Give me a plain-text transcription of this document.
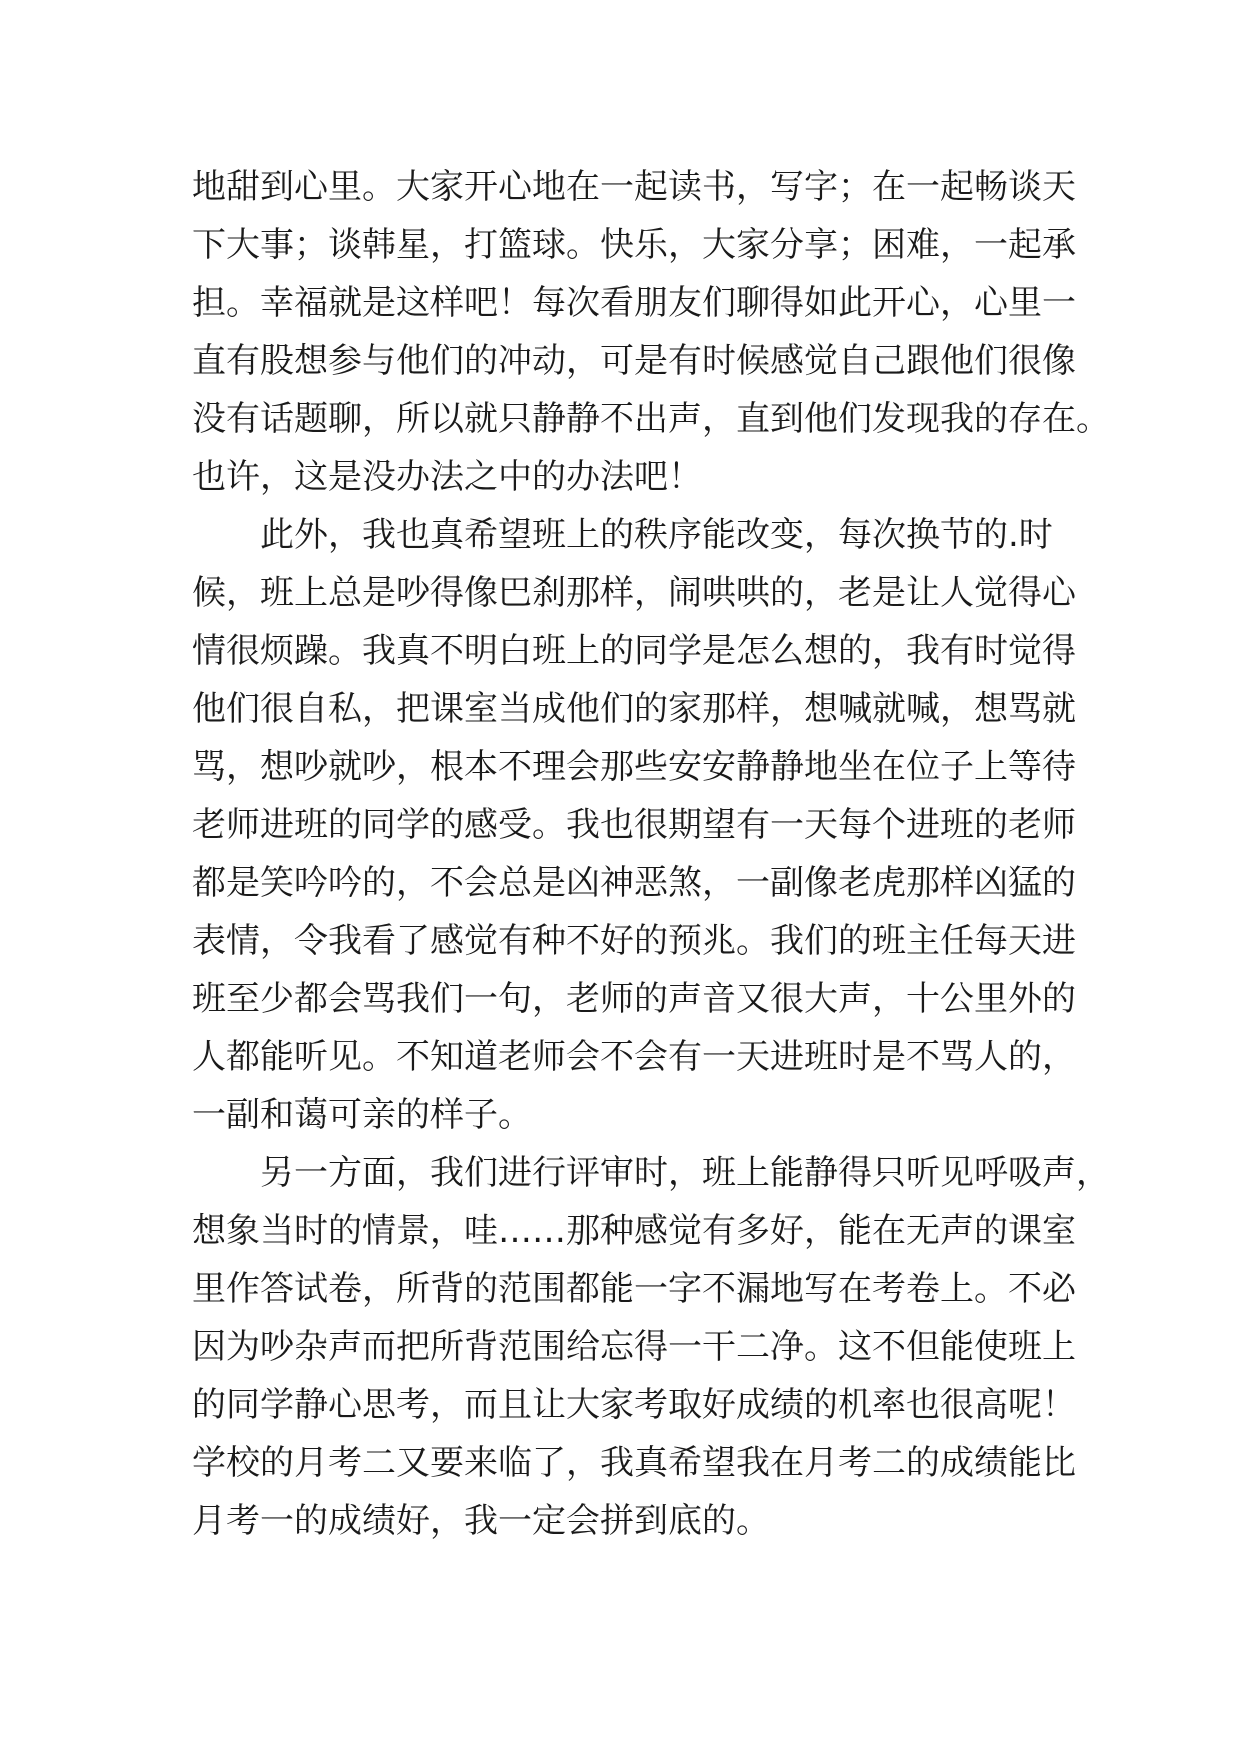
地甜到心里。大家开心地在一起读书，写字；在一起畅谈天
下大事；谈韩星，打篮球。快乐，大家分享；困难，一起承
担。幸福就是这样吧！每次看朋友们聊得如此开心，心里一
直有股想参与他们的冲动，可是有时候感觉自己跟他们很像
没有话题聊，所以就只静静不出声，直到他们发现我的存在。
也许，这是没办法之中的办法吧！
　　此外，我也真希望班上的秩序能改变，每次换节的.时
候，班上总是吵得像巴刹那样，闹哄哄的，老是让人觉得心
情很烦躁。我真不明白班上的同学是怎么想的，我有时觉得
他们很自私，把课室当成他们的家那样，想喊就喊，想骂就
骂，想吵就吵，根本不理会那些安安静静地坐在位子上等待
老师进班的同学的感受。我也很期望有一天每个进班的老师
都是笑吟吟的，不会总是凶神恶煞，一副像老虎那样凶猛的
表情，令我看了感觉有种不好的预兆。我们的班主任每天进
班至少都会骂我们一句，老师的声音又很大声，十公里外的
人都能听见。不知道老师会不会有一天进班时是不骂人的，
一副和蔼可亲的样子。
　　另一方面，我们进行评审时，班上能静得只听见呼吸声，
想象当时的情景，哇……那种感觉有多好，能在无声的课室
里作答试卷，所背的范围都能一字不漏地写在考卷上。不必
因为吵杂声而把所背范围给忘得一干二净。这不但能使班上
的同学静心思考，而且让大家考取好成绩的机率也很高呢！
学校的月考二又要来临了，我真希望我在月考二的成绩能比
月考一的成绩好，我一定会拼到底的。
